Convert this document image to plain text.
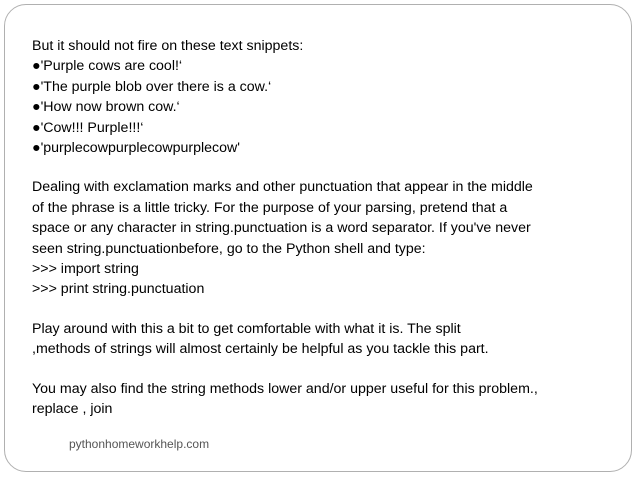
But it should not fire on these text snippets:
●'Purple cows are cool!‘
●'The purple blob over there is a cow.‘
●'How now brown cow.‘
●'Cow!!! Purple!!!‘
●'purplecowpurplecowpurplecow'
Dealing with exclamation marks and other punctuation that appear in the middle
of the phrase is a little tricky. For the purpose of your parsing, pretend that a
space or any character in string.punctuation is a word separator. If you've never
seen string.punctuationbefore, go to the Python shell and type:
>>> import string
>>> print string.punctuation
Play around with this a bit to get comfortable with what it is. The split
,methods of strings will almost certainly be helpful as you tackle this part.
You may also find the string methods lower and/or upper useful for this problem.,
replace , join
pythonhomeworkhelp.com
